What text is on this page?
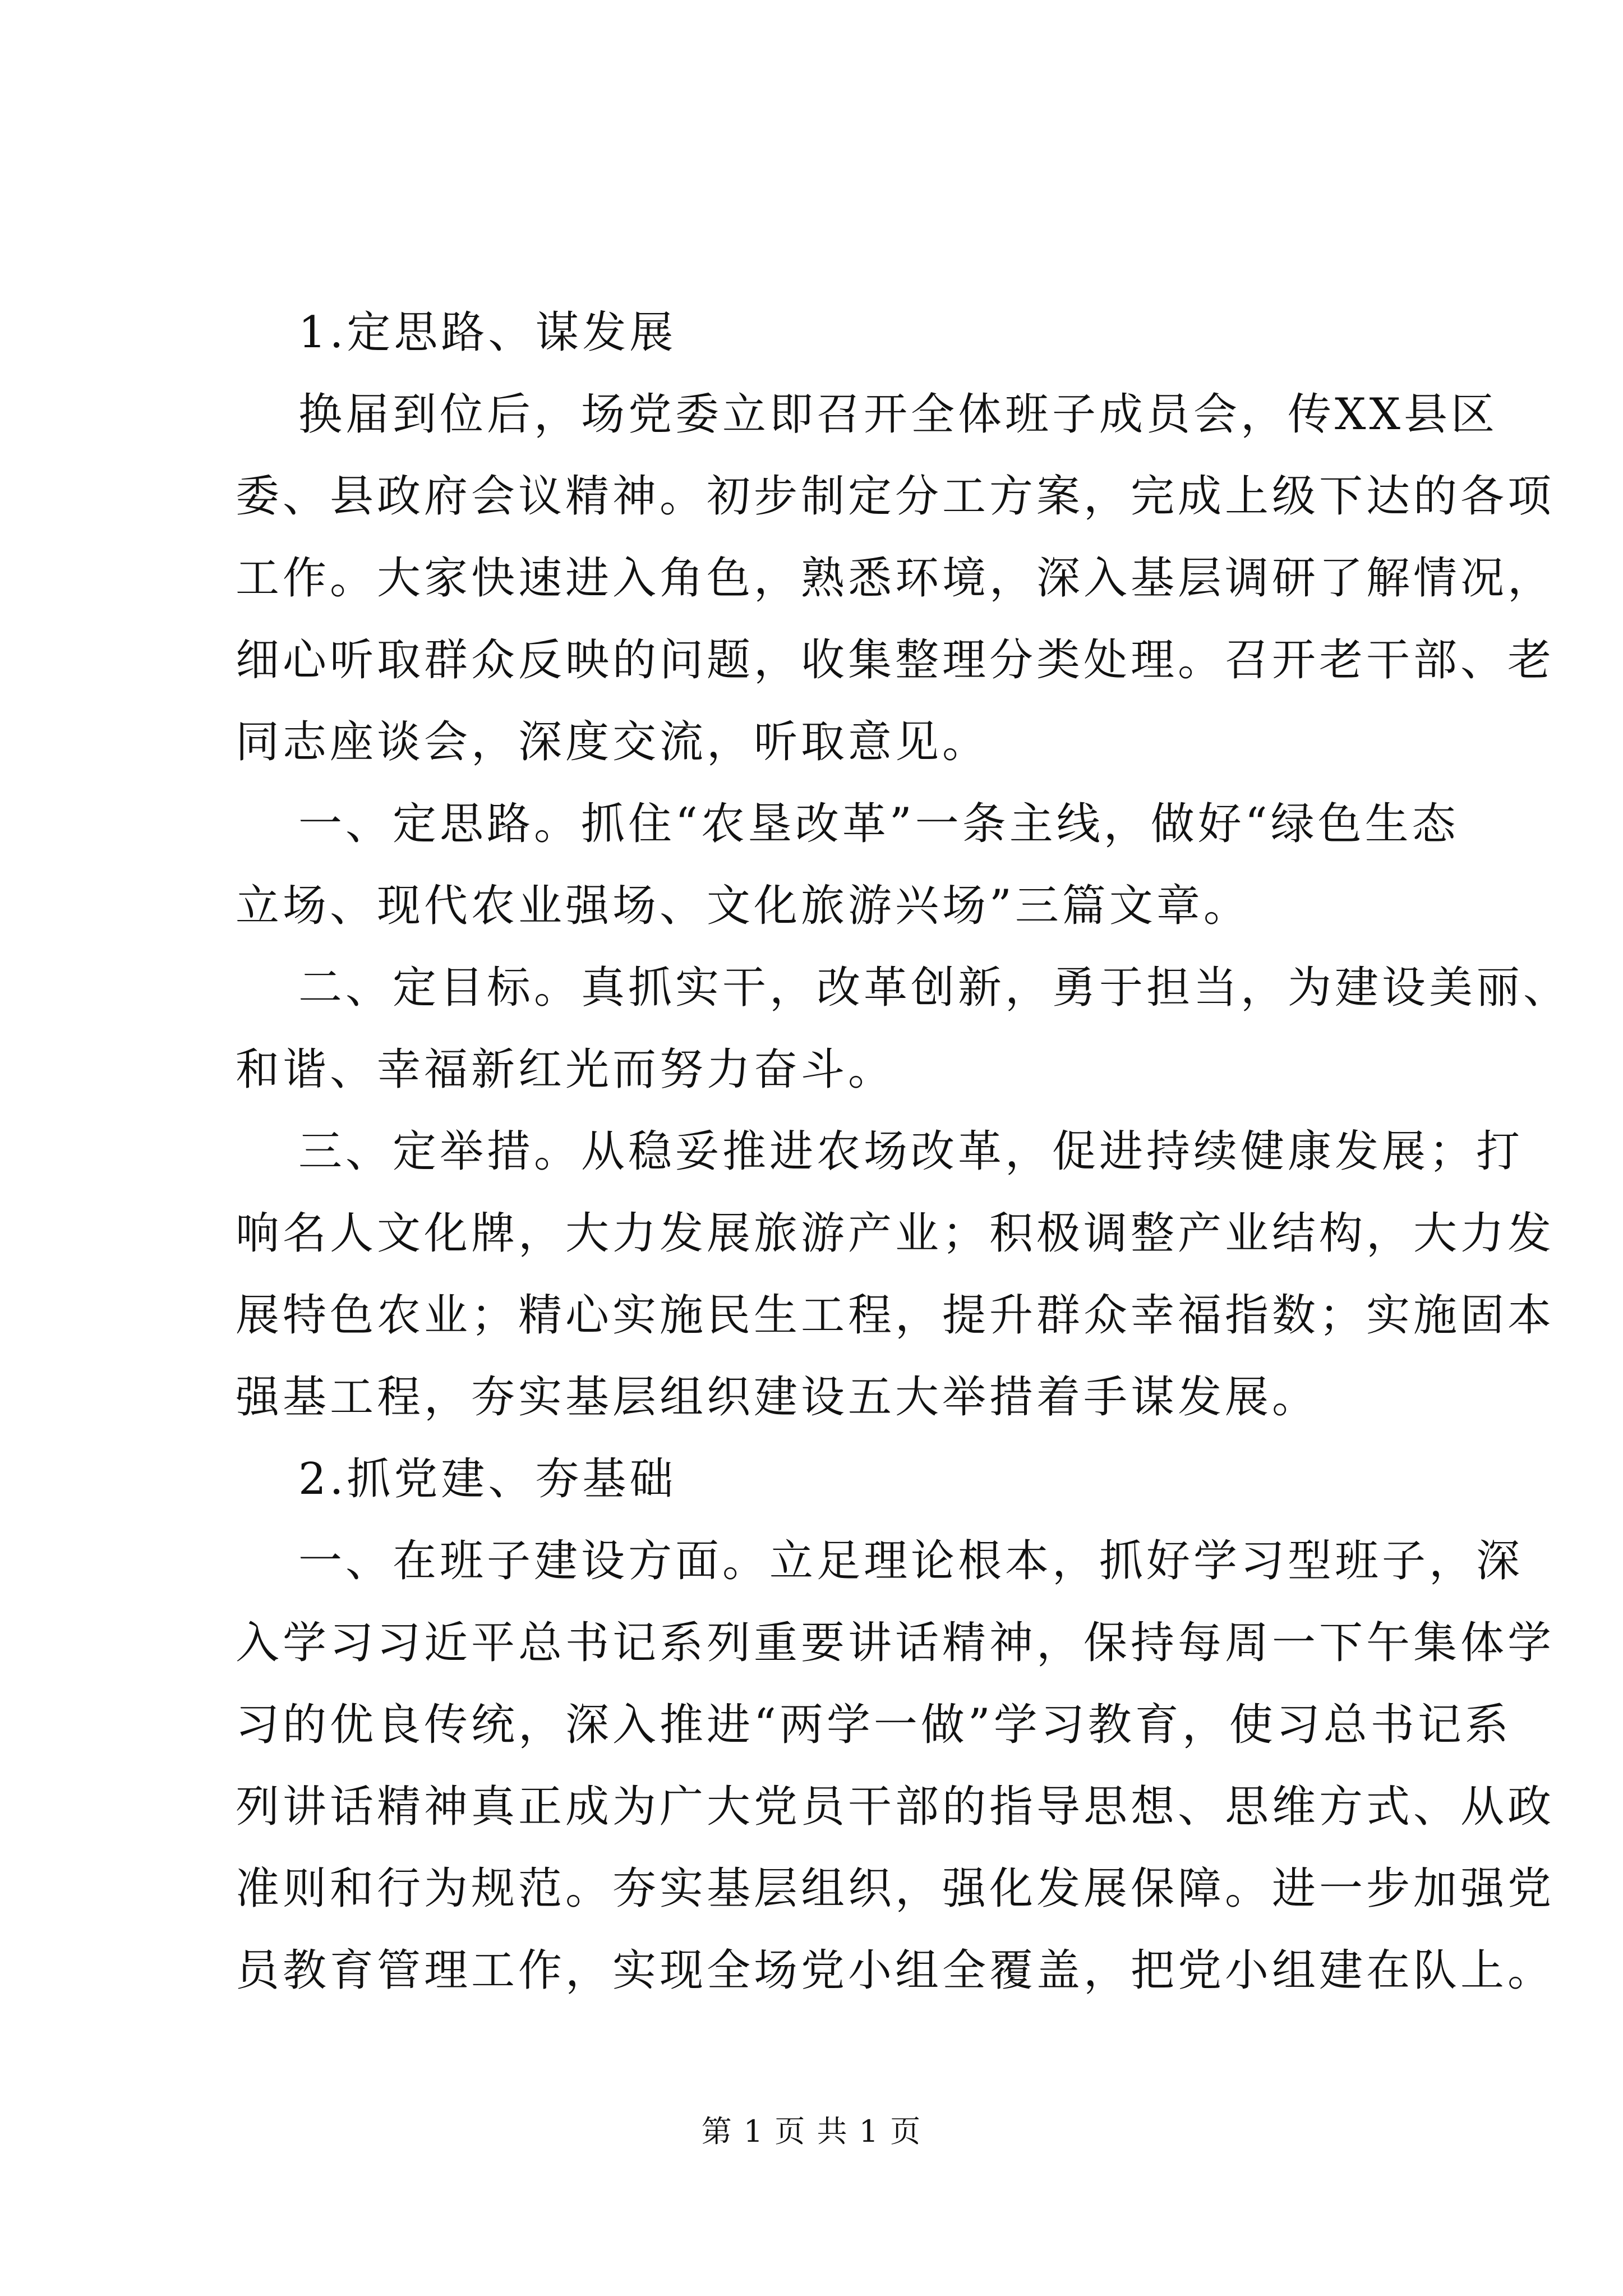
1.定思路、谋发展

换届到位后，场党委立即召开全体班子成员会，传XX县区

委、县政府会议精神。初步制定分工方案，完成上级下达的各项

工作。大家快速进入角色，熟悉环境，深入基层调研了解情况，

细心听取群众反映的问题，收集整理分类处理。召开老干部、老

同志座谈会，深度交流，听取意见。

一、定思路。抓住“农垦改革”一条主线，做好“绿色生态

立场、现代农业强场、文化旅游兴场”三篇文章。

二、定目标。真抓实干，改革创新，勇于担当，为建设美丽、

和谐、幸福新红光而努力奋斗。

三、定举措。从稳妥推进农场改革，促进持续健康发展；打

响名人文化牌，大力发展旅游产业；积极调整产业结构，大力发

展特色农业；精心实施民生工程，提升群众幸福指数；实施固本

强基工程，夯实基层组织建设五大举措着手谋发展。

2.抓党建、夯基础

一、在班子建设方面。立足理论根本，抓好学习型班子，深

入学习习近平总书记系列重要讲话精神，保持每周一下午集体学

习的优良传统，深入推进“两学一做”学习教育，使习总书记系

列讲话精神真正成为广大党员干部的指导思想、思维方式、从政

准则和行为规范。夯实基层组织，强化发展保障。进一步加强党

员教育管理工作，实现全场党小组全覆盖，把党小组建在队上。

第 1 页 共 1 页
